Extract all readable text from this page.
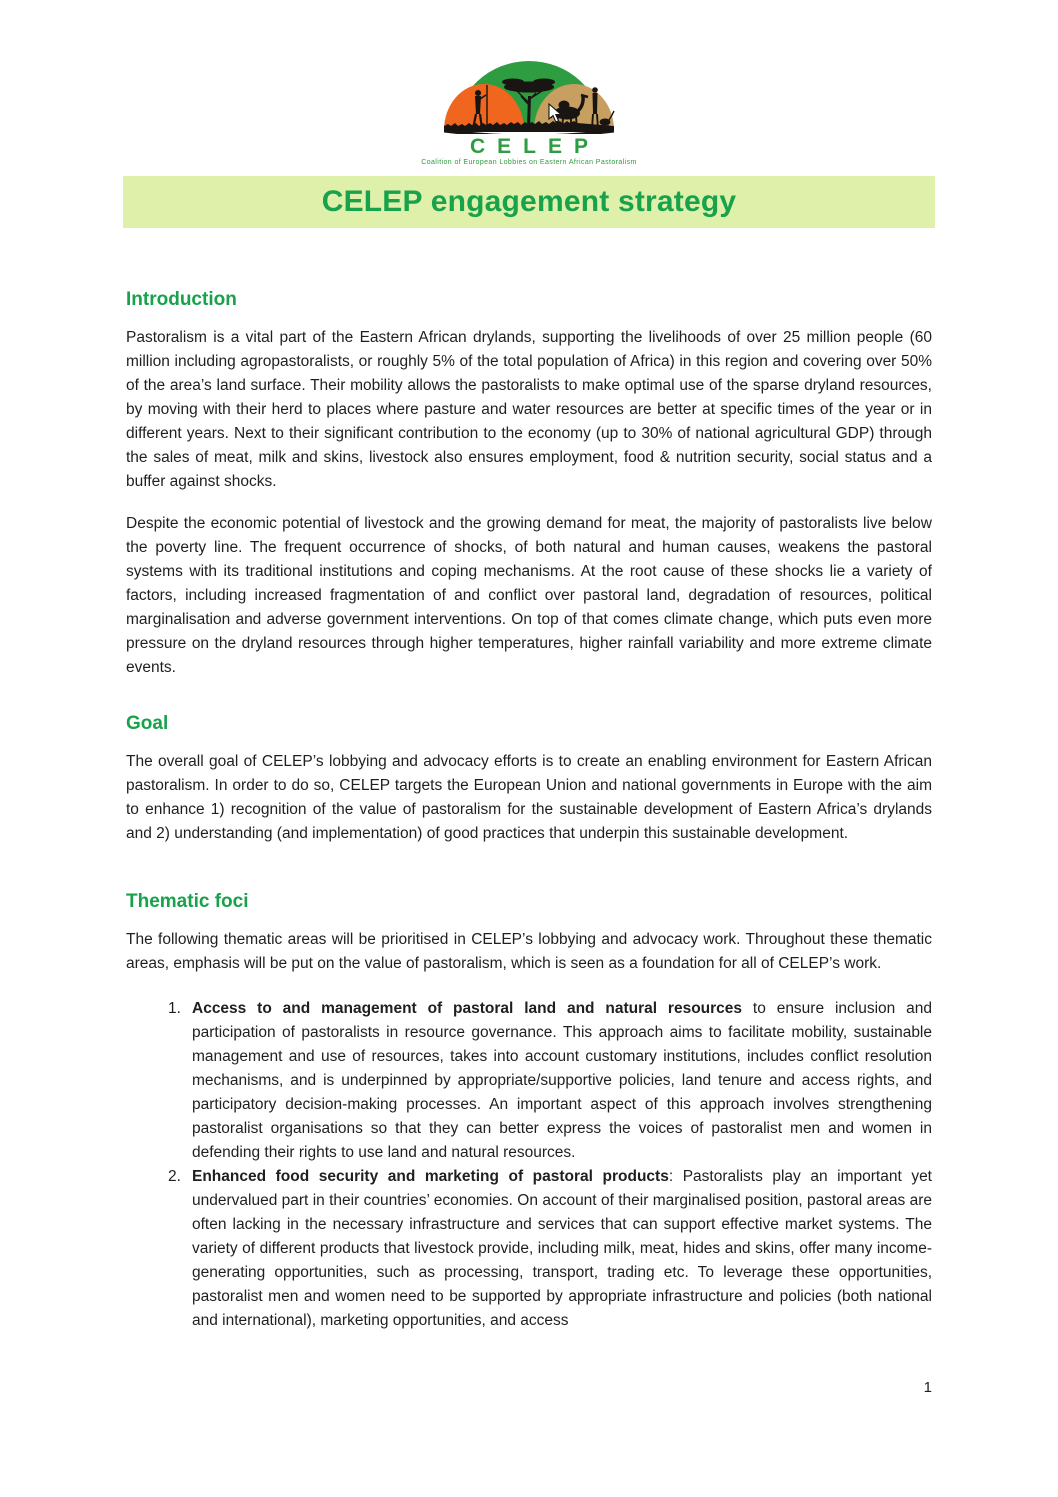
CELEP
Coalition of European Lobbies on Eastern African Pastoralism
CELEP engagement strategy
Introduction

Pastoralism is a vital part of the Eastern African drylands, supporting the livelihoods of over 25 million people (60 million including agropastoralists, or roughly 5% of the total population of Africa) in this region and covering over 50% of the area’s land surface. Their mobility allows the pastoralists to make optimal use of the sparse dryland resources, by moving with their herd to places where pasture and water resources are better at specific times of the year or in different years. Next to their significant contribution to the economy (up to 30% of national agricultural GDP) through the sales of meat, milk and skins, livestock also ensures employment, food & nutrition security, social status and a buffer against shocks.

Despite the economic potential of livestock and the growing demand for meat, the majority of pastoralists live below the poverty line. The frequent occurrence of shocks, of both natural and human causes, weakens the pastoral systems with its traditional institutions and coping mechanisms. At the root cause of these shocks lie a variety of factors, including increased fragmentation of and conflict over pastoral land, degradation of resources, political marginalisation and adverse government interventions. On top of that comes climate change, which puts even more pressure on the dryland resources through higher temperatures, higher rainfall variability and more extreme climate events.

Goal

The overall goal of CELEP’s lobbying and advocacy efforts is to create an enabling environment for Eastern African pastoralism. In order to do so, CELEP targets the European Union and national governments in Europe with the aim to enhance 1) recognition of the value of pastoralism for the sustainable development of Eastern Africa’s drylands and 2) understanding (and implementation) of good practices that underpin this sustainable development.

Thematic foci

The following thematic areas will be prioritised in CELEP’s lobbying and advocacy work. Throughout these thematic areas, emphasis will be put on the value of pastoralism, which is seen as a foundation for all of CELEP’s work.

1. Access to and management of pastoral land and natural resources to ensure inclusion and participation of pastoralists in resource governance. This approach aims to facilitate mobility, sustainable management and use of resources, takes into account customary institutions, includes conflict resolution mechanisms, and is underpinned by appropriate/supportive policies, land tenure and access rights, and participatory decision-making processes. An important aspect of this approach involves strengthening pastoralist organisations so that they can better express the voices of pastoralist men and women in defending their rights to use land and natural resources.
2. Enhanced food security and marketing of pastoral products: Pastoralists play an important yet undervalued part in their countries’ economies. On account of their marginalised position, pastoral areas are often lacking in the necessary infrastructure and services that can support effective market systems. The variety of different products that livestock provide, including milk, meat, hides and skins, offer many income-generating opportunities, such as processing, transport, trading etc. To leverage these opportunities, pastoralist men and women need to be supported by appropriate infrastructure and policies (both national and international), marketing opportunities, and access
1
